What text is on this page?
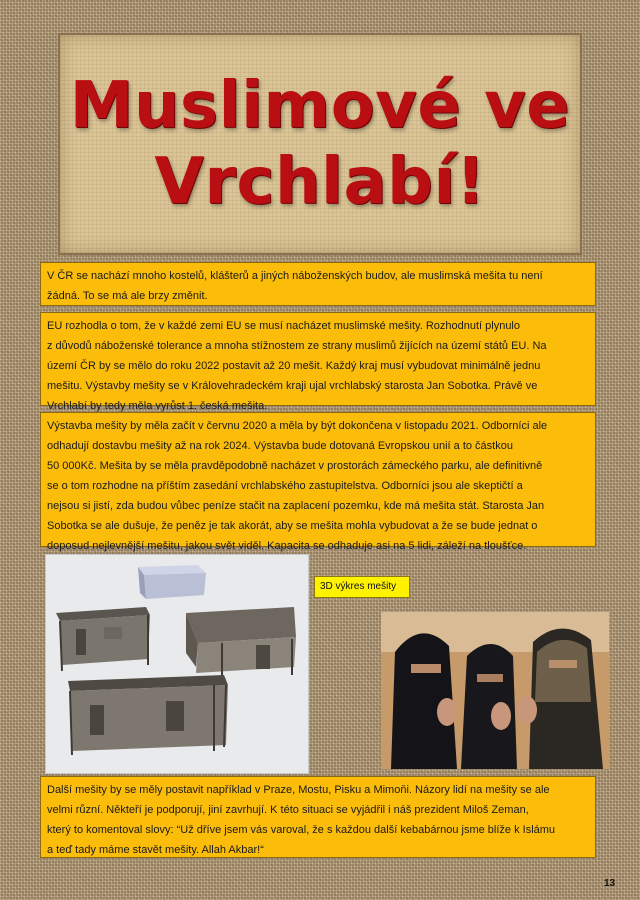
Muslimové ve
Vrchlabí!
V ČR se nachází mnoho kostelů, klášterů a jiných náboženských budov, ale muslimská mešita tu není
žádná. To se má ale brzy změnit.
EU rozhodla o tom, že v každé zemi EU se musí nacházet muslimské mešity. Rozhodnutí plynulo
z důvodů náboženské tolerance a mnoha stížnostem ze strany muslimů žijících na území států EU. Na
území ČR by se mělo do roku 2022 postavit až 20 mešit. Každý kraj musí vybudovat minimálně jednu
mešitu. Výstavby mešity se v Královehradeckém kraji ujal vrchlabský starosta Jan Sobotka. Právě ve
Vrchlabí by tedy měla vyrůst 1. česká mešita.
Výstavba mešity by měla začít v červnu 2020 a měla by být dokončena v listopadu 2021. Odborníci ale
odhadují dostavbu mešity až na rok 2024. Výstavba bude dotovaná Evropskou unií a to částkou
50 000Kč. Mešita by se měla pravděpodobně nacházet v prostorách zámeckého parku, ale definitivně
se o tom rozhodne na příštím zasedání vrchlabského zastupitelstva. Odborníci jsou ale skeptičtí a
nejsou si jistí, zda budou vůbec peníze stačit na zaplacení pozemku, kde má mešita stát. Starosta Jan
Sobotka se ale dušuje, že peněz je tak akorát, aby se mešita mohla vybudovat a že se bude jednat o
doposud nejlevnější mešitu, jakou svět viděl. Kapacita se odhaduje asi na 5 lidi, záleží na tloušťce.
3D výkres mešity
Další mešity by se měly postavit například v Praze, Mostu, Pisku a Mimoňi. Názory lidí na mešity se ale
velmi různí. Někteří je podporují, jiní zavrhují. K této situaci se vyjádřil i náš prezident Miloš Zeman,
který to komentoval slovy: “Už dříve jsem vás varoval, že s každou další kebabárnou jsme blíže k Islámu
a teď tady máme stavět mešity. Allah Akbar!“
13
